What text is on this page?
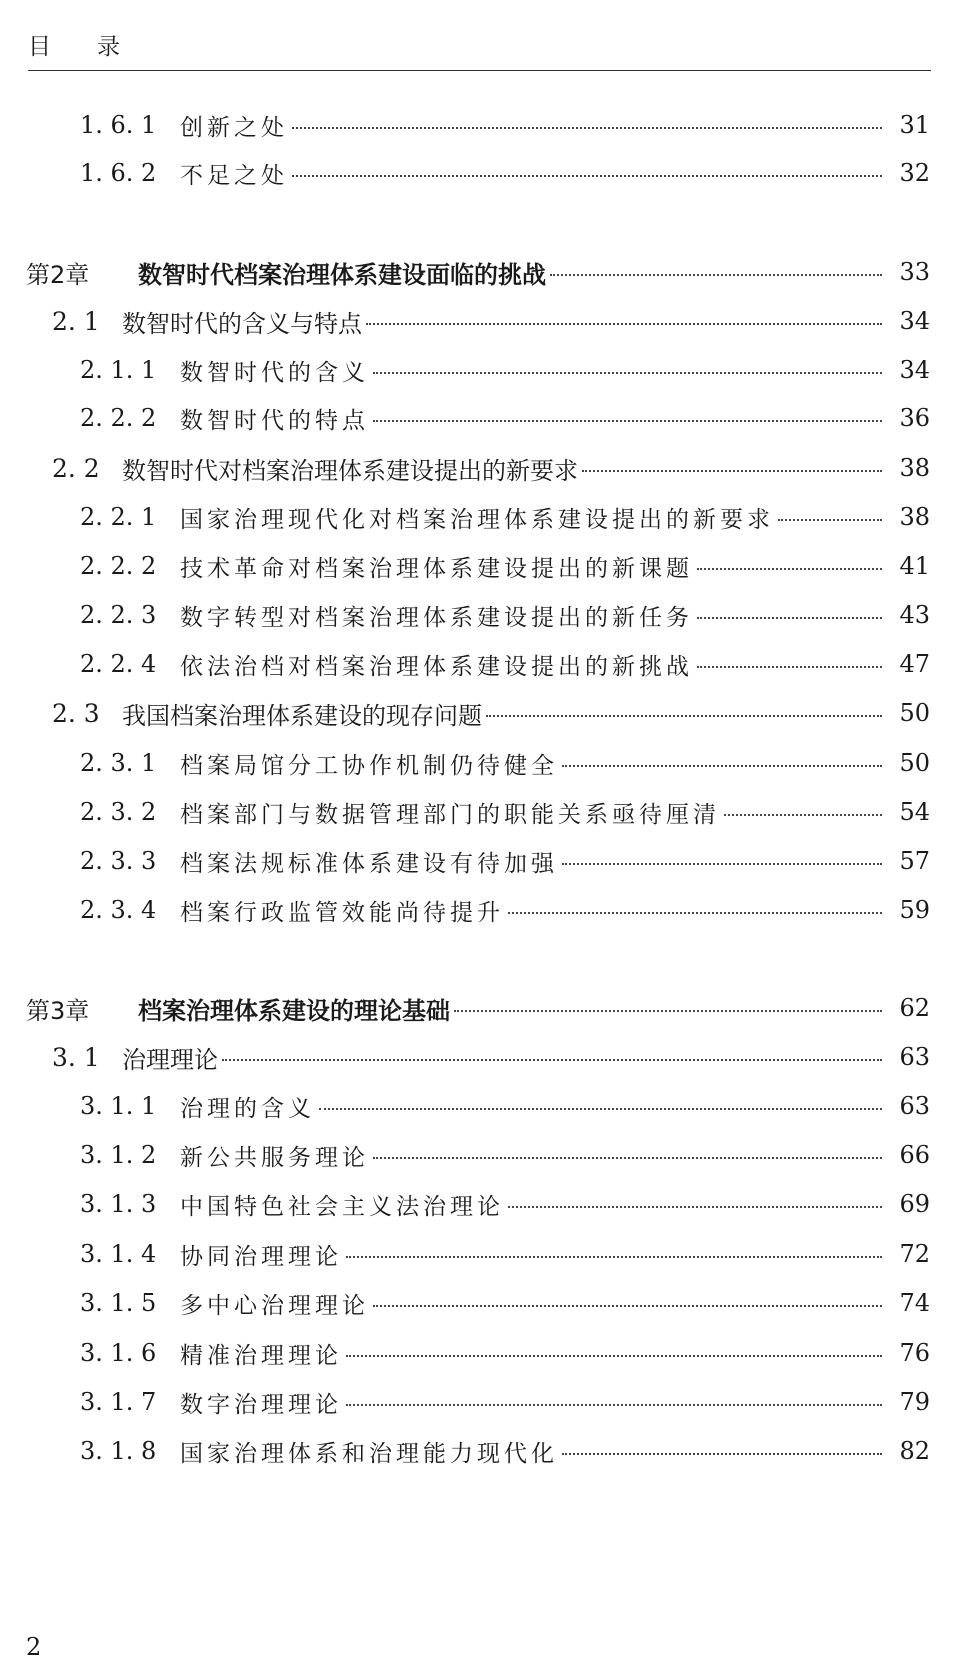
目　　录
1. 6. 1	创新之处	31
1. 6. 2	不足之处	32
第2章	数智时代档案治理体系建设面临的挑战	33
2. 1 数智时代的含义与特点	34
2. 1. 1	数智时代的含义	34
2. 2. 2	数智时代的特点	36
2. 2 数智时代对档案治理体系建设提出的新要求	38
2. 2. 1	国家治理现代化对档案治理体系建设提出的新要求	38
2. 2. 2	技术革命对档案治理体系建设提出的新课题	41
2. 2. 3	数字转型对档案治理体系建设提出的新任务	43
2. 2. 4	依法治档对档案治理体系建设提出的新挑战	47
2. 3 我国档案治理体系建设的现存问题	50
2. 3. 1	档案局馆分工协作机制仍待健全	50
2. 3. 2	档案部门与数据管理部门的职能关系亟待厘清	54
2. 3. 3	档案法规标准体系建设有待加强	57
2. 3. 4	档案行政监管效能尚待提升	59
第3章	档案治理体系建设的理论基础	62
3. 1 治理理论	63
3. 1. 1	治理的含义	63
3. 1. 2	新公共服务理论	66
3. 1. 3	中国特色社会主义法治理论	69
3. 1. 4	协同治理理论	72
3. 1. 5	多中心治理理论	74
3. 1. 6	精准治理理论	76
3. 1. 7	数字治理理论	79
3. 1. 8	国家治理体系和治理能力现代化	82
2
